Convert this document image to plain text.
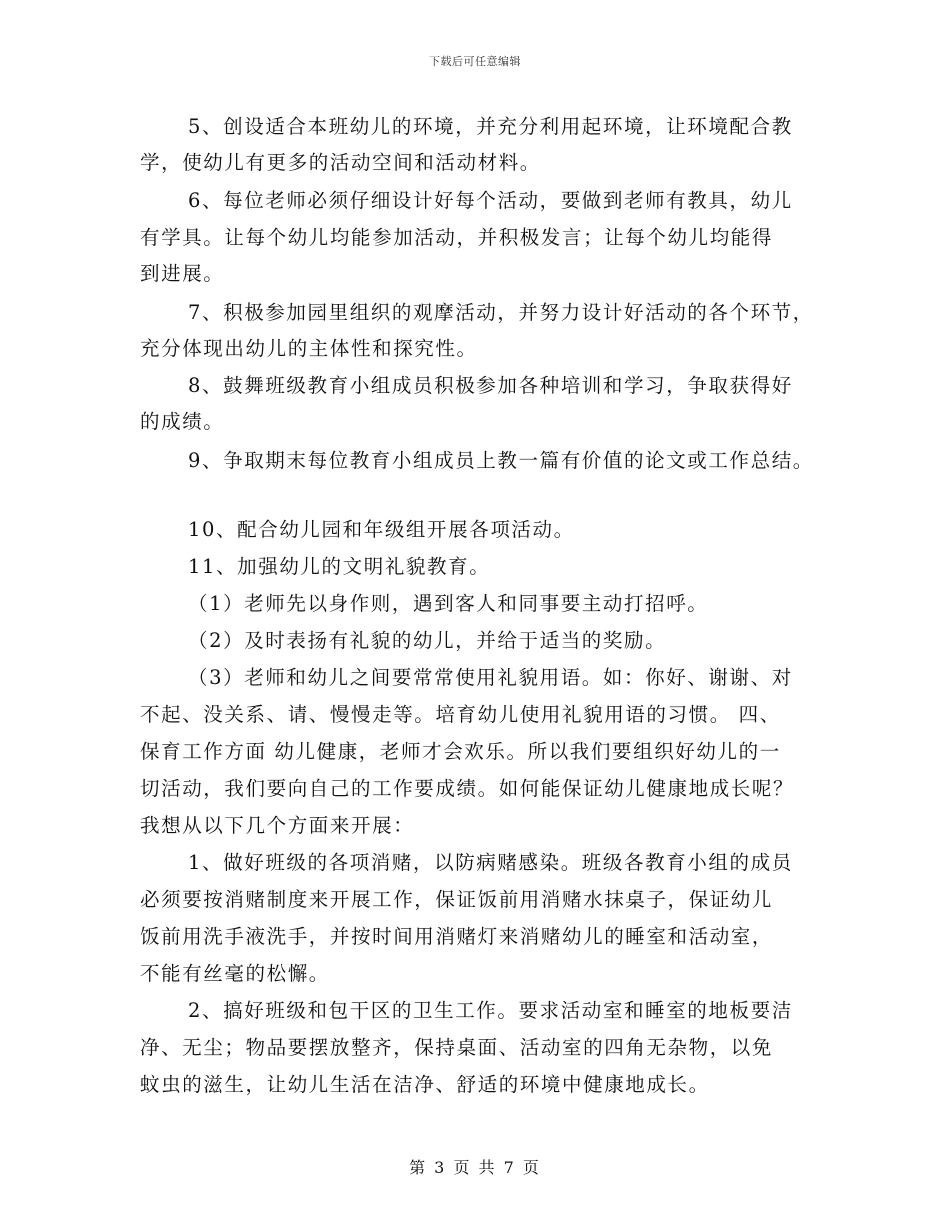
下载后可任意编辑
5、创设适合本班幼儿的环境，并充分利用起环境，让环境配合教
学，使幼儿有更多的活动空间和活动材料。
6、每位老师必须仔细设计好每个活动，要做到老师有教具，幼儿
有学具。让每个幼儿均能参加活动，并积极发言；让每个幼儿均能得
到进展。
7、积极参加园里组织的观摩活动，并努力设计好活动的各个环节，
充分体现出幼儿的主体性和探究性。
8、鼓舞班级教育小组成员积极参加各种培训和学习，争取获得好
的成绩。
9、争取期末每位教育小组成员上教一篇有价值的论文或工作总结。
10、配合幼儿园和年级组开展各项活动。
11、加强幼儿的文明礼貌教育。
（1）老师先以身作则，遇到客人和同事要主动打招呼。
（2）及时表扬有礼貌的幼儿，并给于适当的奖励。
（3）老师和幼儿之间要常常使用礼貌用语。如：你好、谢谢、对
不起、没关系、请、慢慢走等。培育幼儿使用礼貌用语的习惯。 四、
保育工作方面 幼儿健康，老师才会欢乐。所以我们要组织好幼儿的一
切活动，我们要向自己的工作要成绩。如何能保证幼儿健康地成长呢？
我想从以下几个方面来开展：
1、做好班级的各项消赌，以防病赌感染。班级各教育小组的成员
必须要按消赌制度来开展工作，保证饭前用消赌水抹桌子，保证幼儿
饭前用洗手液洗手，并按时间用消赌灯来消赌幼儿的睡室和活动室，
不能有丝毫的松懈。
2、搞好班级和包干区的卫生工作。要求活动室和睡室的地板要洁
净、无尘；物品要摆放整齐，保持桌面、活动室的四角无杂物，以免
蚊虫的滋生，让幼儿生活在洁净、舒适的环境中健康地成长。
第 3 页 共 7 页
